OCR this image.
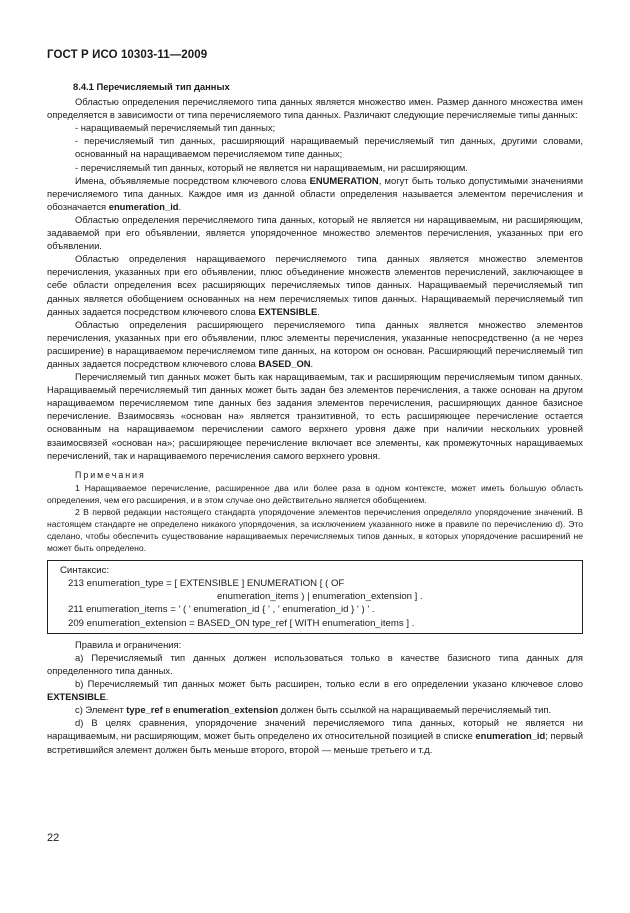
ГОСТ Р ИСО 10303-11—2009
8.4.1 Перечисляемый тип данных

Областью определения перечисляемого типа данных является множество имен. Размер данного множества имен определяется в зависимости от типа перечисляемого типа данных. Различают следующие перечисляемые типы данных:

- наращиваемый перечисляемый тип данных;
- перечисляемый тип данных, расширяющий наращиваемый перечисляемый тип данных, другими словами, основанный на наращиваемом перечисляемом типе данных;
- перечисляемый тип данных, который не является ни наращиваемым, ни расширяющим.

Имена, объявляемые посредством ключевого слова ENUMERATION, могут быть только допустимыми значениями перечисляемого типа данных. Каждое имя из данной области определения называется элементом перечисления и обозначается enumeration_id.

Областью определения перечисляемого типа данных, который не является ни наращиваемым, ни расширяющим, задаваемой при его объявлении, является упорядоченное множество элементов перечисления, указанных при его объявлении.

Областью определения наращиваемого перечисляемого типа данных является множество элементов перечисления, указанных при его объявлении, плюс объединение множеств элементов перечислений, заключающее в себе области определения всех расширяющих перечисляемых типов данных. Наращиваемый перечисляемый тип данных является обобщением основанных на нем перечисляемых типов данных. Наращиваемый перечисляемый тип данных задается посредством ключевого слова EXTENSIBLE.

Областью определения расширяющего перечисляемого типа данных является множество элементов перечисления, указанных при его объявлении, плюс элементы перечисления, указанные непосредственно (а не через расширение) в наращиваемом перечисляемом типе данных, на котором он основан. Расширяющий перечисляемый тип данных задается посредством ключевого слова BASED_ON.

Перечисляемый тип данных может быть как наращиваемым, так и расширяющим перечисляемым типом данных. Наращиваемый перечисляемый тип данных может быть задан без элементов перечисления, а также основан на другом наращиваемом перечисляемом типе данных без задания элементов перечисления, расширяющих данное базисное перечисление. Взаимосвязь «основан на» является транзитивной, то есть расширяющее перечисление остается основанным на наращиваемом перечислении самого верхнего уровня даже при наличии нескольких уровней взаимосвязей «основан на»; расширяющее перечисление включает все элементы, как промежуточных наращиваемых перечислений, так и наращиваемого перечисления самого верхнего уровня.

Примечания
1 Наращиваемое перечисление, расширенное два или более раза в одном контексте, может иметь большую область определения, чем его расширения, и в этом случае оно действительно является обобщением.
2 В первой редакции настоящего стандарта упорядочение элементов перечисления определяло упорядочение значений. В настоящем стандарте не определено никакого упорядочения, за исключением указанного ниже в правиле по перечислению d). Это сделано, чтобы обеспечить существование наращиваемых перечисляемых типов данных, в которых упорядочение расширений не может быть определено.
Синтаксис:
213 enumeration_type = [ EXTENSIBLE ] ENUMERATION [ ( OF
enumeration_items ) | enumeration_extension ] .
211 enumeration_items = ' ( ' enumeration_id { ' , ' enumeration_id } ' ) ' .
209 enumeration_extension = BASED_ON type_ref [ WITH enumeration_items ] .
Правила и ограничения:

a) Перечисляемый тип данных должен использоваться только в качестве базисного типа данных для определенного типа данных.

b) Перечисляемый тип данных может быть расширен, только если в его определении указано ключевое слово EXTENSIBLE.

c) Элемент type_ref в enumeration_extension должен быть ссылкой на наращиваемый перечисляемый тип.

d) В целях сравнения, упорядочение значений перечисляемого типа данных, который не является ни наращиваемым, ни расширяющим, может быть определено их относительной позицией в списке enumeration_id; первый встретившийся элемент должен быть меньше второго, второй — меньше третьего и т.д.

22
